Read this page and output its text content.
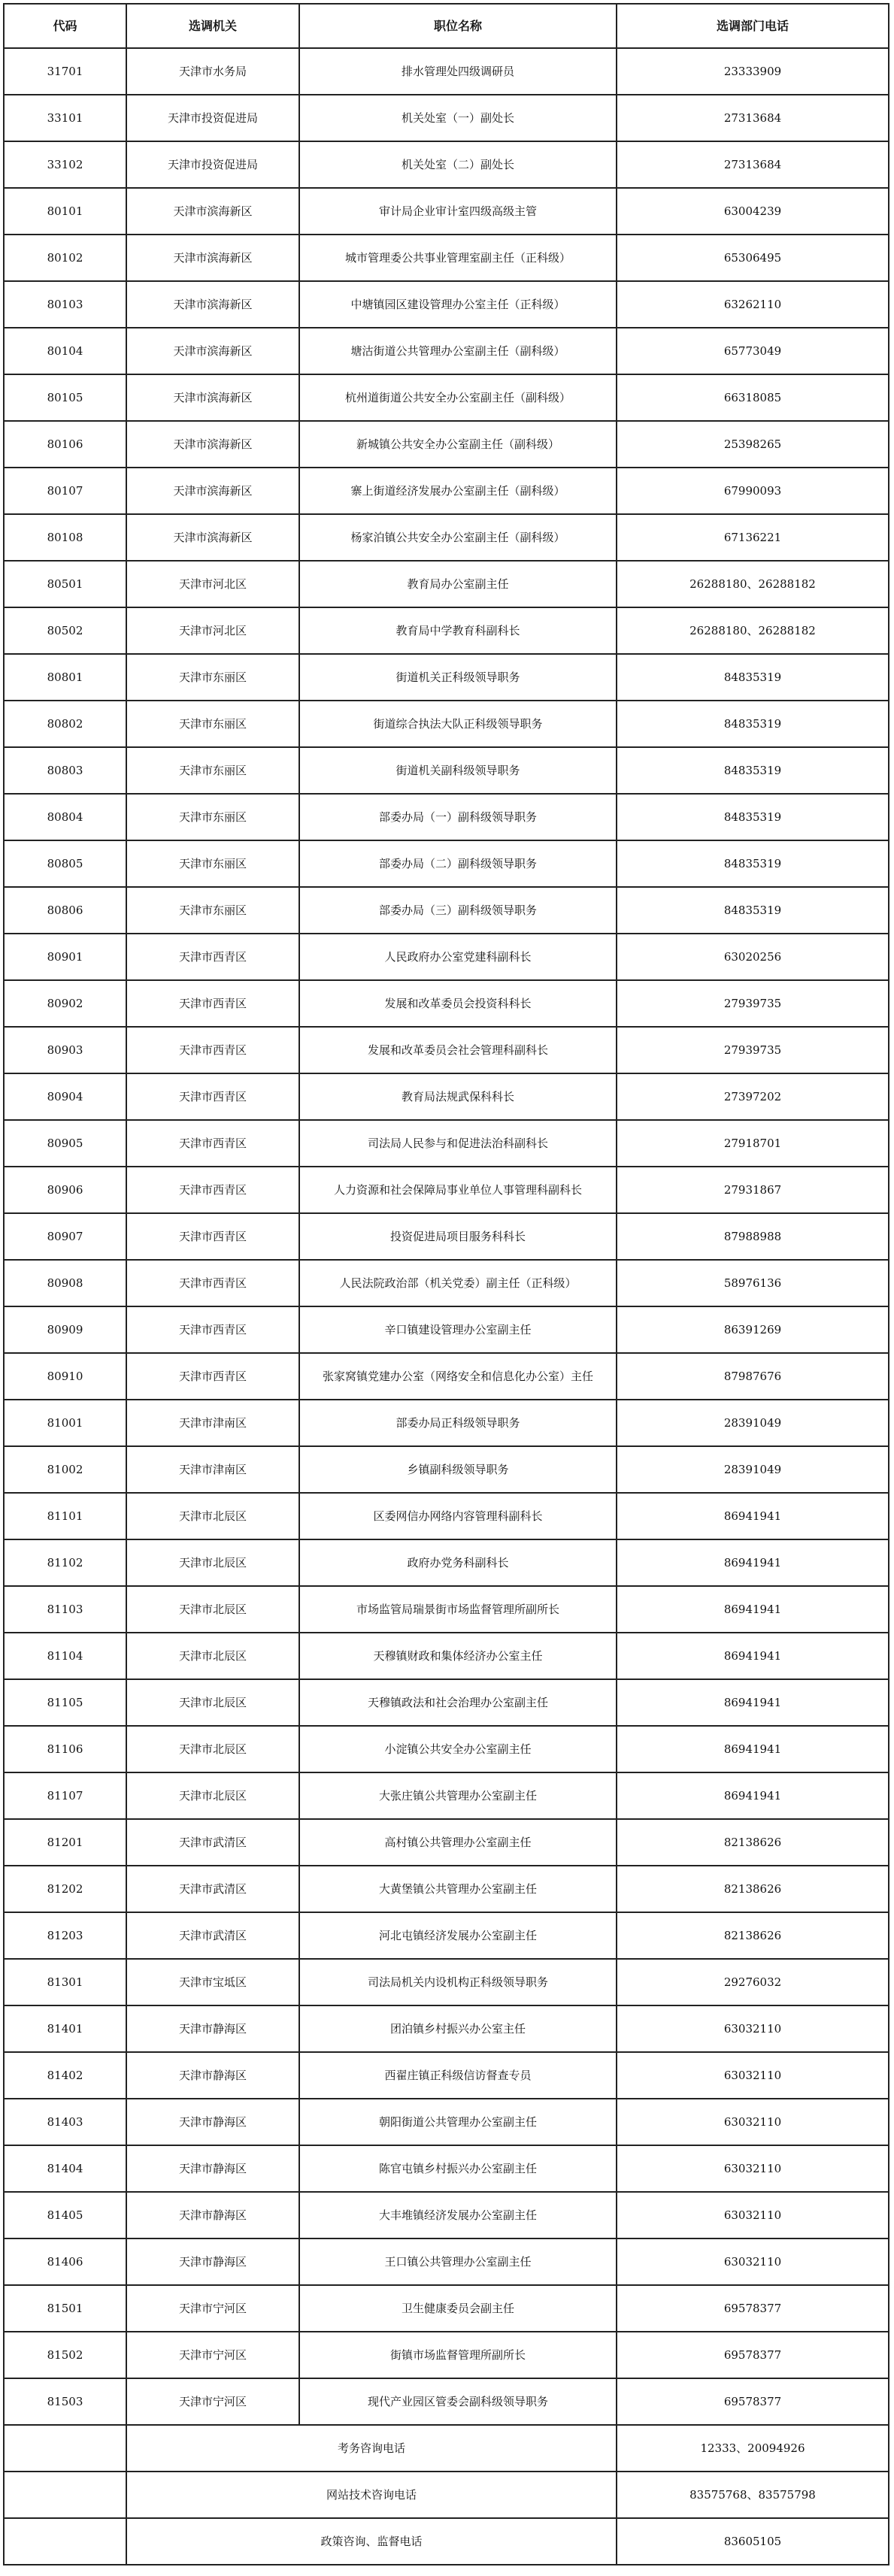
代码	选调机关	职位名称	选调部门电话
31701	天津市水务局	排水管理处四级调研员	23333909
33101	天津市投资促进局	机关处室（一）副处长	27313684
33102	天津市投资促进局	机关处室（二）副处长	27313684
80101	天津市滨海新区	审计局企业审计室四级高级主管	63004239
80102	天津市滨海新区	城市管理委公共事业管理室副主任（正科级）	65306495
80103	天津市滨海新区	中塘镇园区建设管理办公室主任（正科级）	63262110
80104	天津市滨海新区	塘沽街道公共管理办公室副主任（副科级）	65773049
80105	天津市滨海新区	杭州道街道公共安全办公室副主任（副科级）	66318085
80106	天津市滨海新区	新城镇公共安全办公室副主任（副科级）	25398265
80107	天津市滨海新区	寨上街道经济发展办公室副主任（副科级）	67990093
80108	天津市滨海新区	杨家泊镇公共安全办公室副主任（副科级）	67136221
80501	天津市河北区	教育局办公室副主任	26288180、26288182
80502	天津市河北区	教育局中学教育科副科长	26288180、26288182
80801	天津市东丽区	街道机关正科级领导职务	84835319
80802	天津市东丽区	街道综合执法大队正科级领导职务	84835319
80803	天津市东丽区	街道机关副科级领导职务	84835319
80804	天津市东丽区	部委办局（一）副科级领导职务	84835319
80805	天津市东丽区	部委办局（二）副科级领导职务	84835319
80806	天津市东丽区	部委办局（三）副科级领导职务	84835319
80901	天津市西青区	人民政府办公室党建科副科长	63020256
80902	天津市西青区	发展和改革委员会投资科科长	27939735
80903	天津市西青区	发展和改革委员会社会管理科副科长	27939735
80904	天津市西青区	教育局法规武保科科长	27397202
80905	天津市西青区	司法局人民参与和促进法治科副科长	27918701
80906	天津市西青区	人力资源和社会保障局事业单位人事管理科副科长	27931867
80907	天津市西青区	投资促进局项目服务科科长	87988988
80908	天津市西青区	人民法院政治部（机关党委）副主任（正科级）	58976136
80909	天津市西青区	辛口镇建设管理办公室副主任	86391269
80910	天津市西青区	张家窝镇党建办公室（网络安全和信息化办公室）主任	87987676
81001	天津市津南区	部委办局正科级领导职务	28391049
81002	天津市津南区	乡镇副科级领导职务	28391049
81101	天津市北辰区	区委网信办网络内容管理科副科长	86941941
81102	天津市北辰区	政府办党务科副科长	86941941
81103	天津市北辰区	市场监管局瑞景街市场监督管理所副所长	86941941
81104	天津市北辰区	天穆镇财政和集体经济办公室主任	86941941
81105	天津市北辰区	天穆镇政法和社会治理办公室副主任	86941941
81106	天津市北辰区	小淀镇公共安全办公室副主任	86941941
81107	天津市北辰区	大张庄镇公共管理办公室副主任	86941941
81201	天津市武清区	高村镇公共管理办公室副主任	82138626
81202	天津市武清区	大黄堡镇公共管理办公室副主任	82138626
81203	天津市武清区	河北屯镇经济发展办公室副主任	82138626
81301	天津市宝坻区	司法局机关内设机构正科级领导职务	29276032
81401	天津市静海区	团泊镇乡村振兴办公室主任	63032110
81402	天津市静海区	西翟庄镇正科级信访督查专员	63032110
81403	天津市静海区	朝阳街道公共管理办公室副主任	63032110
81404	天津市静海区	陈官屯镇乡村振兴办公室副主任	63032110
81405	天津市静海区	大丰堆镇经济发展办公室副主任	63032110
81406	天津市静海区	王口镇公共管理办公室副主任	63032110
81501	天津市宁河区	卫生健康委员会副主任	69578377
81502	天津市宁河区	街镇市场监督管理所副所长	69578377
81503	天津市宁河区	现代产业园区管委会副科级领导职务	69578377
	考务咨询电话		12333、20094926
	网站技术咨询电话		83575768、83575798
	政策咨询、监督电话		83605105
